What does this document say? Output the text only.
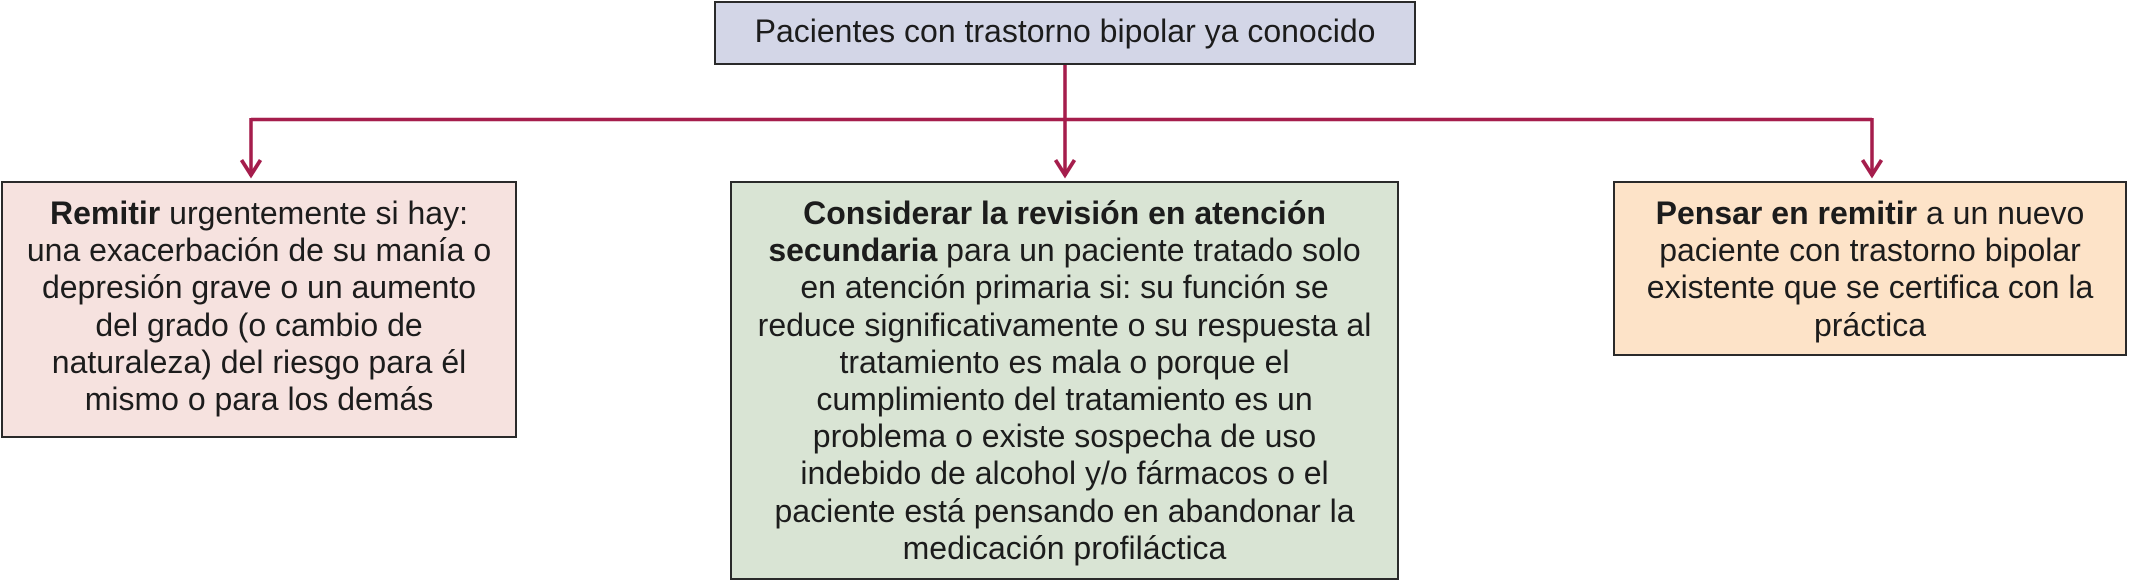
Pacientes con trastorno bipolar ya conocido
Remitir urgentemente si hay:
una exacerbación de su manía o
depresión grave o un aumento
del grado (o cambio de
naturaleza) del riesgo para él
mismo o para los demás
Considerar la revisión en atención
secundaria para un paciente tratado solo
en atención primaria si: su función se
reduce significativamente o su respuesta al
tratamiento es mala o porque el
cumplimiento del tratamiento es un
problema o existe sospecha de uso
indebido de alcohol y/o fármacos o el
paciente está pensando en abandonar la
medicación profiláctica
Pensar en remitir a un nuevo
paciente con trastorno bipolar
existente que se certifica con la
práctica
